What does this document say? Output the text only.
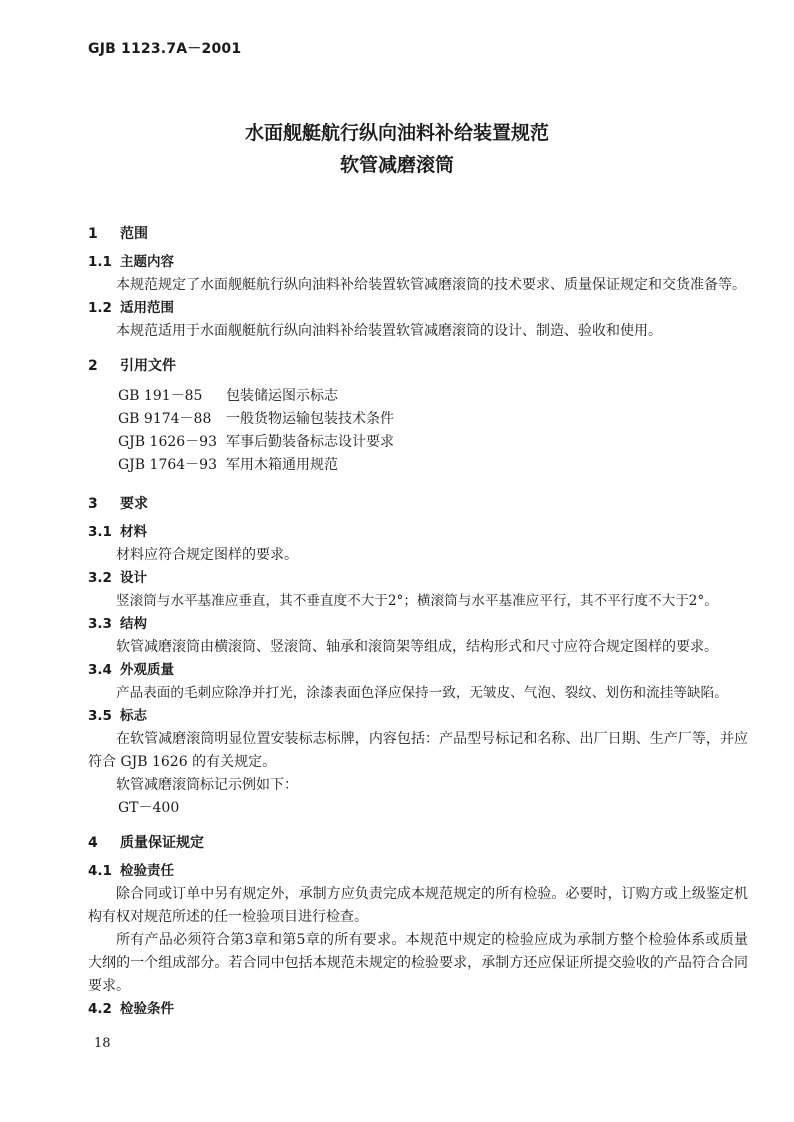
GJB 1123.7A－2001
水面舰艇航行纵向油料补给装置规范
软管减磨滚筒
1 范围
1.1 主题内容
本规范规定了水面舰艇航行纵向油料补给装置软管减磨滚筒的技术要求、质量保证规定和交货准备等。
1.2 适用范围
本规范适用于水面舰艇航行纵向油料补给装置软管减磨滚筒的设计、制造、验收和使用。
2 引用文件
GB 191－85 包装储运图示标志
GB 9174－88 一般货物运输包装技术条件
GJB 1626－93 军事后勤装备标志设计要求
GJB 1764－93 军用木箱通用规范
3 要求
3.1 材料
材料应符合规定图样的要求。
3.2 设计
竖滚筒与水平基准应垂直，其不垂直度不大于2°；横滚筒与水平基准应平行，其不平行度不大于2°。
3.3 结构
软管减磨滚筒由横滚筒、竖滚筒、轴承和滚筒架等组成，结构形式和尺寸应符合规定图样的要求。
3.4 外观质量
产品表面的毛刺应除净并打光，涂漆表面色泽应保持一致，无皱皮、气泡、裂纹、划伤和流挂等缺陷。
3.5 标志
在软管减磨滚筒明显位置安装标志标牌，内容包括：产品型号标记和名称、出厂日期、生产厂等，并应符合 GJB 1626 的有关规定。
软管减磨滚筒标记示例如下：
GT－400
4 质量保证规定
4.1 检验责任
除合同或订单中另有规定外，承制方应负责完成本规范规定的所有检验。必要时，订购方或上级鉴定机构有权对规范所述的任一检验项目进行检查。
所有产品必须符合第3章和第5章的所有要求。本规范中规定的检验应成为承制方整个检验体系或质量大纲的一个组成部分。若合同中包括本规范未规定的检验要求，承制方还应保证所提交验收的产品符合合同要求。
4.2 检验条件
18
